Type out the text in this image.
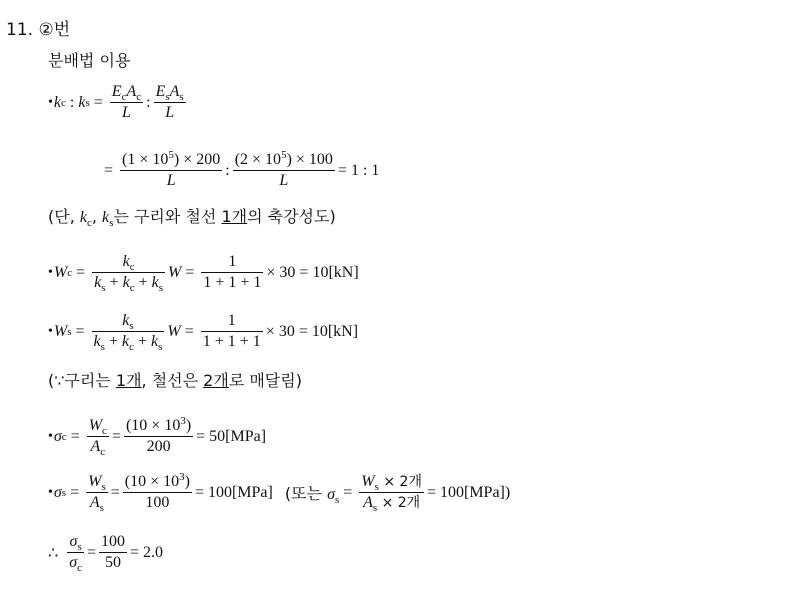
11. ②번
분배법 이용
• k c : k $s = \frac{E_cA_c}{L}$ : $\frac{E_sA_s}{L}$
= $\frac{(1 \times 10^5) \times 200}{L}$ : $\frac{(2 \times 10^5) \times 100}{L} = 1$ : 1
(단, $k_c$, $k_s$는 구리와 철선 1개의 축강성도)
• W $c = \frac{k_c}{k_s + k_c + k_s}$ $W = \frac{1}{1 + 1 + 1} \times 30 = 10[kN]$
• W $s = \frac{k_s}{k_s + k_c + k_s}$ $W = \frac{1}{1 + 1 + 1} \times 30 = 10[kN]$
(∵구리는 1개, 철선은 2개로 매달림)
• σ $c = \frac{W_c}{A_c} = \frac{(10 \times 10^3)}{200} = 50[MPa]$
• σ $s = \frac{W_s}{A_s} = \frac{(10 \times 10^3)}{100} = 100[MPa]$ (또는 $\sigma_s = \frac{W_s \times 2개}{A_s \times 2개} = 100[MPa]$)
∴ $\frac{\sigma_s}{\sigma_c} = \frac{100}{50} = 2.0$
